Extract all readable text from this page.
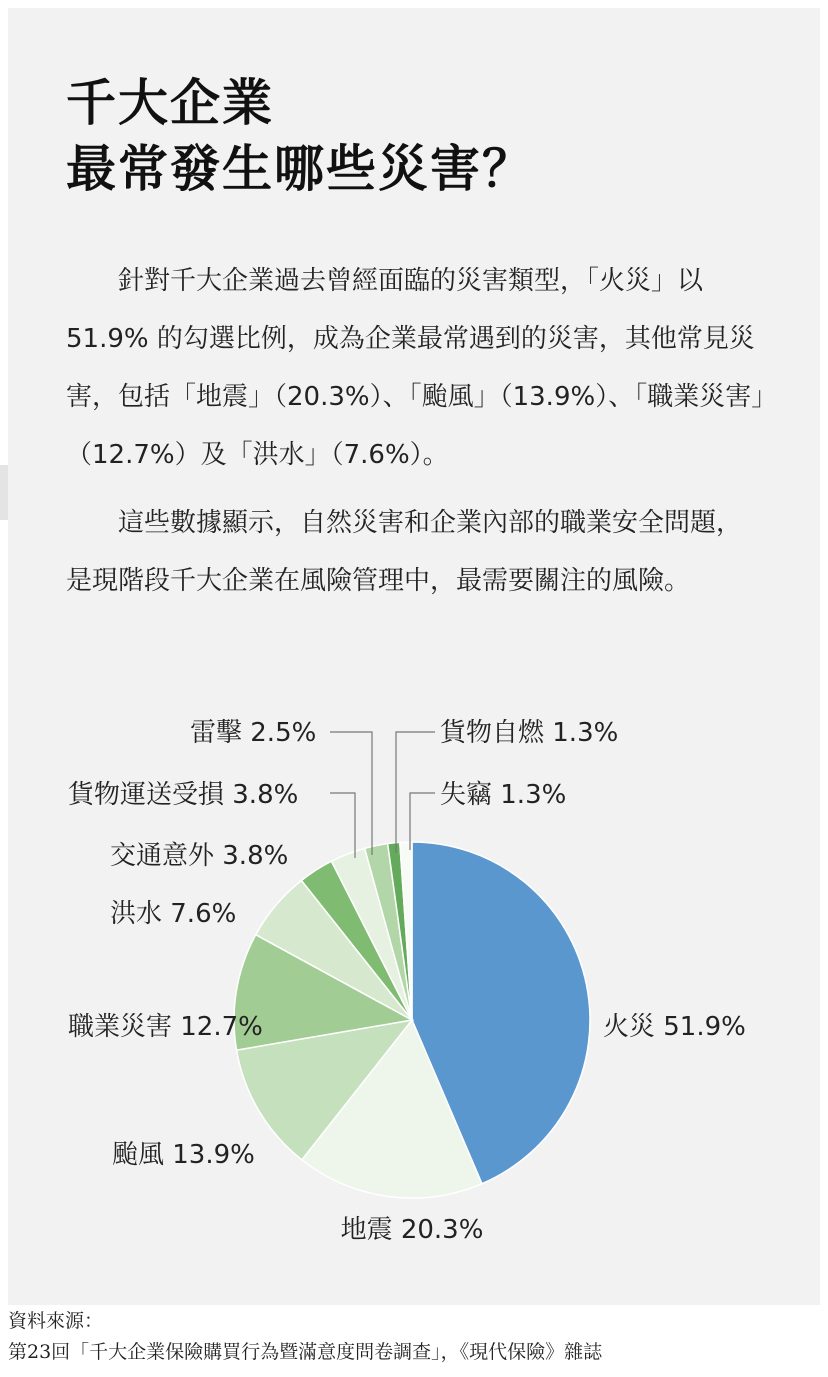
千大企業
最常發生哪些災害？

針對千大企業過去曾經面臨的災害類型，「火災」以 51.9% 的勾選比例，成為企業最常遇到的災害，其他常見災害，包括「地震」（20.3%）、「颱風」（13.9%）、「職業災害」（12.7%）及「洪水」（7.6%）。

這些數據顯示，自然災害和企業內部的職業安全問題，是現階段千大企業在風險管理中，最需要關注的風險。

火災 51.9%
地震 20.3%
颱風 13.9%
職業災害 12.7%
洪水 7.6%
交通意外 3.8%
貨物運送受損 3.8%
雷擊 2.5%	貨物自燃 1.3%
失竊 1.3%
資料來源：
第23回「千大企業保險購買行為暨滿意度問卷調查」，《現代保險》雜誌
